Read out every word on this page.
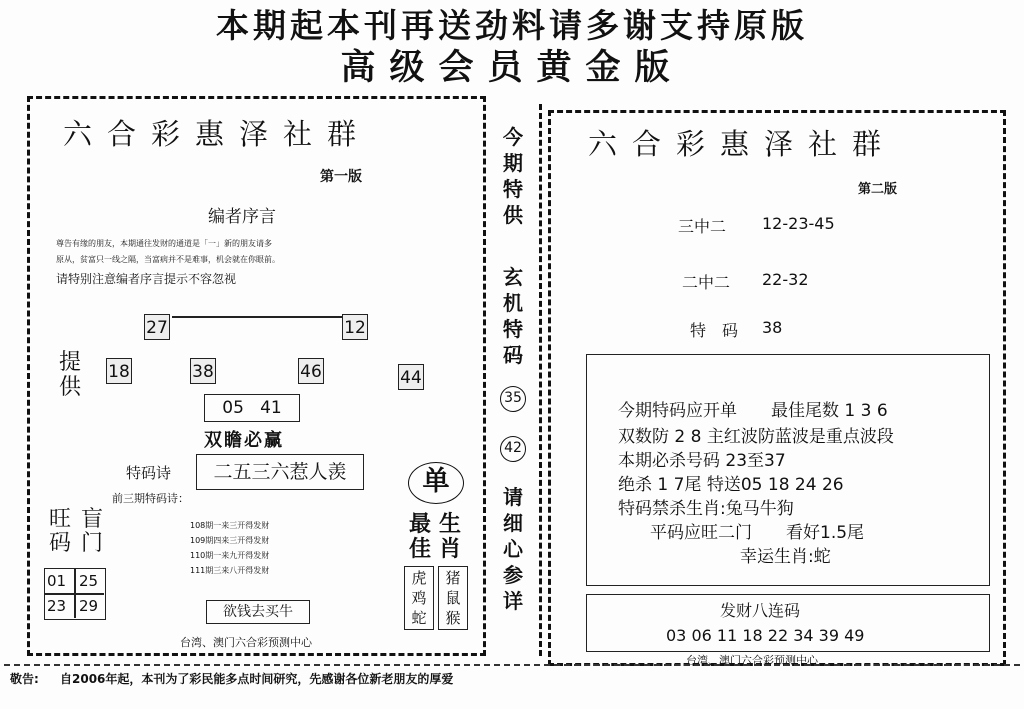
本期起本刊再送劲料请多谢支持原版
高级会员黄金版
六合彩惠泽社群
第一版
编者序言
尊告有缘的朋友，本期通往发财的通道是「一」新的朋友请多
原从，贫富只一线之隔，当富病并不是难事，机会就在你眼前。
请特别注意编者序言提示不容忽视
27	12
提供
18	38	46	44
05   41
双瞻必赢
特码诗	二五三六惹人羡
前三期特码诗：
108期一来三开得发财
109期四来三开得发财
110期一来九开得发财
111期三来八开得发财
旺码
盲门
01 25
23 29
单
最佳
生肖
虎
鸡
蛇
猪
鼠
猴
欲钱去买牛
台湾、澳门六合彩预测中心
今期特供
玄机特码
35
42
请细心参详
六合彩惠泽社群
第二版
三中二 12-23-45
二中二 22-32
特　码 38
今期特码应开单　　最佳尾数 1 3 6
双数防 2 8 主红波防蓝波是重点波段
本期必杀号码 23至37
绝杀 1 7尾 特送05 18 24 26
特码禁杀生肖:兔马牛狗
平码应旺二门　　看好1.5尾
幸运生肖:蛇
发财八连码
03 06 11 18 22 34 39 49
台湾、澳门六合彩预测中心
敬告: 自2006年起，本刊为了彩民能多点时间研究，先感谢各位新老朋友的厚爱
